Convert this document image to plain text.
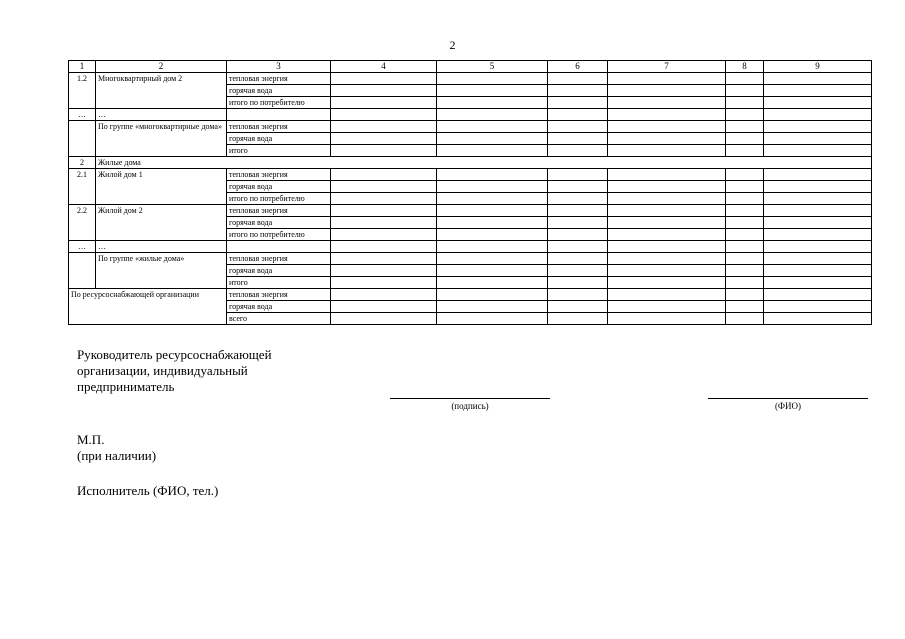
2
1	2	3	4	5	6	7	8	9
1.2	Многоквартирный дом 2	тепловая энергия						
		горячая вода						
		итого по потребителю						
…	…							
	По группе «многоквартирные дома»	тепловая энергия						
		горячая вода						
		итого						
2	Жилые дома							
2.1	Жилой дом 1	тепловая энергия						
		горячая вода						
		итого по потребителю						
2.2	Жилой дом 2	тепловая энергия						
		горячая вода						
		итого по потребителю						
…	…							
	По группе «жилые дома»	тепловая энергия						
		горячая вода						
		итого						
По ресурсоснабжающей организации		тепловая энергия						
		горячая вода						
		всего						
Руководитель ресурсоснабжающей организации, индивидуальный предприниматель
(подпись)	(ФИО)
М.П.
(при наличии)
Исполнитель (ФИО, тел.)
